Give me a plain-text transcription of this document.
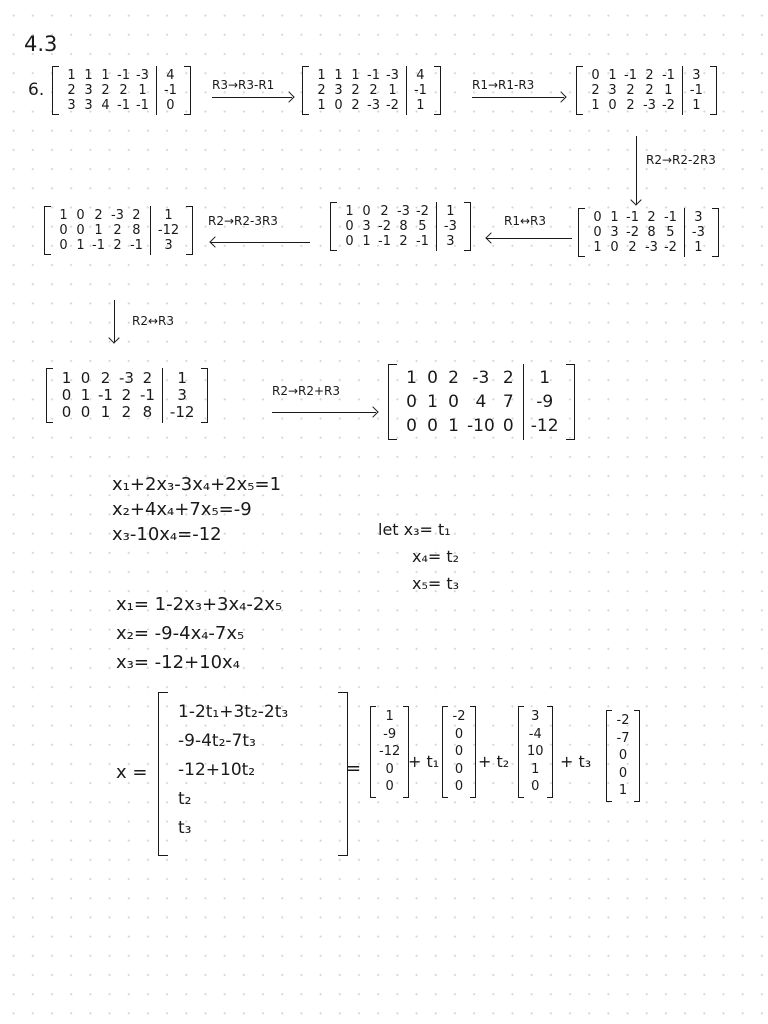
4.3
6.
1 1 1 -1 -3
2 3 2 2 1
3 3 4 -1 -1
4
-1
0
R3→R3-R1
1 1 1 -1 -3
2 3 2 2 1
1 0 2 -3 -2
4
-1
1
R1→R1-R3
0 1 -1 2 -1
2 3 2 2 1
1 0 2 -3 -2
3
-1
1
R2→R2-2R3
0 1 -1 2 -1
0 3 -2 8 5
1 0 2 -3 -2
3
-3
1
R1↔R3
1 0 2 -3 -2
0 3 -2 8 5
0 1 -1 2 -1
1
-3
3
R2→R2-3R3
1 0 2 -3 2
0 0 1 2 8
0 1 -1 2 -1
1
-12
3
R2↔R3
1 0 2 -3 2
0 1 -1 2 -1
0 0 1 2 8
1
3
-12
R2→R2+R3
1 0 2 -3 2
0 1 0 4 7
0 0 1 -10 0
1
-9
-12
x₁+2x₃-3x₄+2x₅=1
x₂+4x₄+7x₅=-9
x₃-10x₄=-12	let x₃= t₁
x₄= t₂
x₅= t₃
x₁= 1-2x₃+3x₄-2x₅
x₂= -9-4x₄-7x₅
x₃= -12+10x₄
x =
1-2t₁+3t₂-2t₃
-9-4t₂-7t₃
-12+10t₂
t₂
t₃
=
1
-9
-12
0
0
+ t₁
-2
0
0
0
0
+ t₂
3
-4
10
1
0
+ t₃
-2
-7
0
0
1
